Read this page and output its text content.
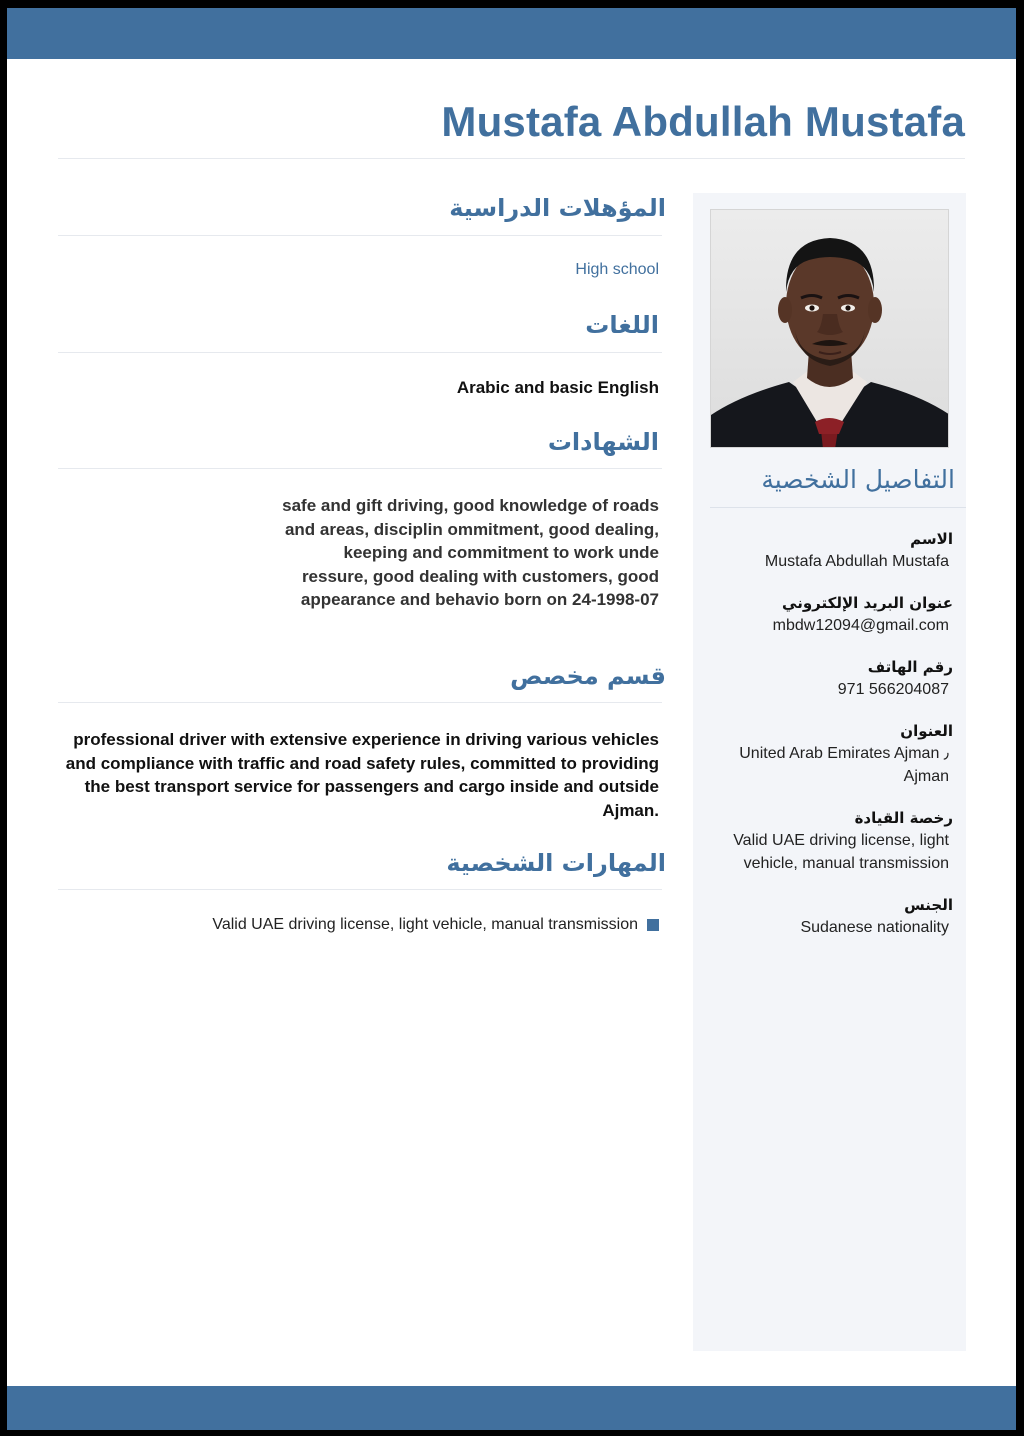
Mustafa Abdullah Mustafa
التفاصيل الشخصية
الاسم
Mustafa Abdullah Mustafa
عنوان البريد الإلكتروني
mbdw12094@gmail.com
رقم الهاتف
971 566204087
العنوان
United Arab Emirates Ajman ٫ Ajman
رخصة القيادة
Valid UAE driving license, light vehicle, manual transmission
الجنس
Sudanese nationality
المؤهلات الدراسية
High school
اللغات
Arabic and basic English
الشهادات
safe and gift driving, good knowledge of roads and areas, disciplin ommitment, good dealing, keeping and commitment to work unde ressure, good dealing with customers, good appearance and behavio born on 24-1998-07
قسم مخصص
professional driver with extensive experience in driving various vehicles and compliance with traffic and road safety rules, committed to providing the best transport service for passengers and cargo inside and outside Ajman.
المهارات الشخصية
Valid UAE driving license, light vehicle, manual transmission
